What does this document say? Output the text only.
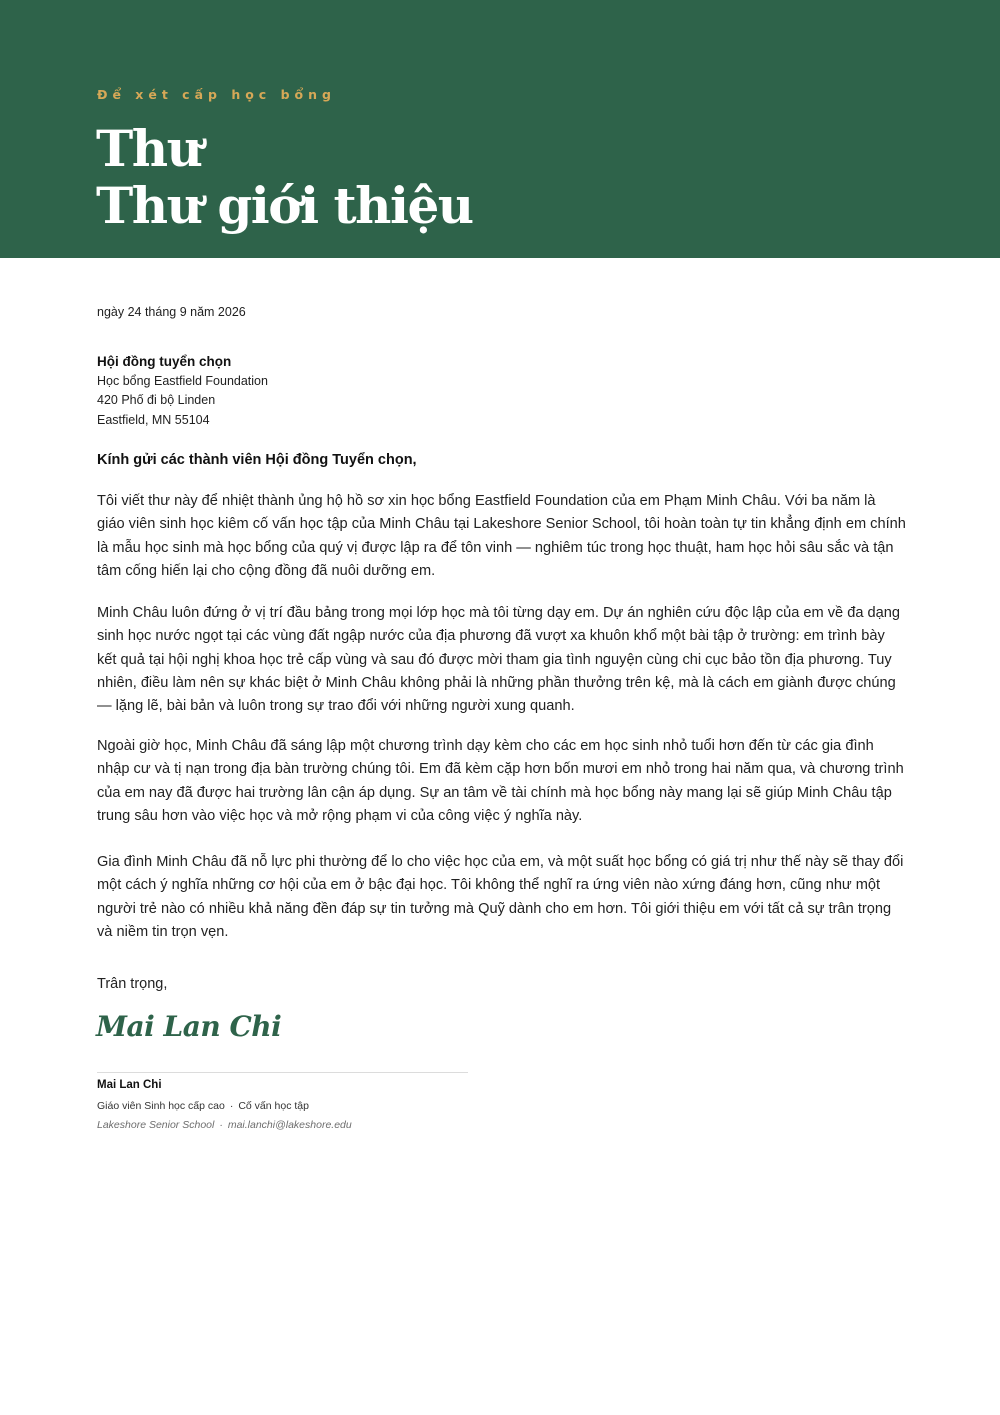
Để xét cấp học bổng
Thư
Thư giới thiệu
ngày 24 tháng 9 năm 2026
Hội đồng tuyển chọn
Học bổng Eastfield Foundation
420 Phố đi bộ Linden
Eastfield, MN 55104
Kính gửi các thành viên Hội đồng Tuyển chọn,

Tôi viết thư này để nhiệt thành ủng hộ hồ sơ xin học bổng Eastfield Foundation của em Phạm Minh Châu. Với ba năm là giáo viên sinh học kiêm cố vấn học tập của Minh Châu tại Lakeshore Senior School, tôi hoàn toàn tự tin khẳng định em chính là mẫu học sinh mà học bổng của quý vị được lập ra để tôn vinh — nghiêm túc trong học thuật, ham học hỏi sâu sắc và tận tâm cống hiến lại cho cộng đồng đã nuôi dưỡng em.

Minh Châu luôn đứng ở vị trí đầu bảng trong mọi lớp học mà tôi từng dạy em. Dự án nghiên cứu độc lập của em về đa dạng sinh học nước ngọt tại các vùng đất ngập nước của địa phương đã vượt xa khuôn khổ một bài tập ở trường: em trình bày kết quả tại hội nghị khoa học trẻ cấp vùng và sau đó được mời tham gia tình nguyện cùng chi cục bảo tồn địa phương. Tuy nhiên, điều làm nên sự khác biệt ở Minh Châu không phải là những phần thưởng trên kệ, mà là cách em giành được chúng — lặng lẽ, bài bản và luôn trong sự trao đổi với những người xung quanh.

Ngoài giờ học, Minh Châu đã sáng lập một chương trình dạy kèm cho các em học sinh nhỏ tuổi hơn đến từ các gia đình nhập cư và tị nạn trong địa bàn trường chúng tôi. Em đã kèm cặp hơn bốn mươi em nhỏ trong hai năm qua, và chương trình của em nay đã được hai trường lân cận áp dụng. Sự an tâm về tài chính mà học bổng này mang lại sẽ giúp Minh Châu tập trung sâu hơn vào việc học và mở rộng phạm vi của công việc ý nghĩa này.

Gia đình Minh Châu đã nỗ lực phi thường để lo cho việc học của em, và một suất học bổng có giá trị như thế này sẽ thay đổi một cách ý nghĩa những cơ hội của em ở bậc đại học. Tôi không thể nghĩ ra ứng viên nào xứng đáng hơn, cũng như một người trẻ nào có nhiều khả năng đền đáp sự tin tưởng mà Quỹ dành cho em hơn. Tôi giới thiệu em với tất cả sự trân trọng và niềm tin trọn vẹn.

Trân trọng,
Mai Lan Chi
Mai Lan Chi
Giáo viên Sinh học cấp cao · Cố vấn học tập
Lakeshore Senior School · mai.lanchi@lakeshore.edu
